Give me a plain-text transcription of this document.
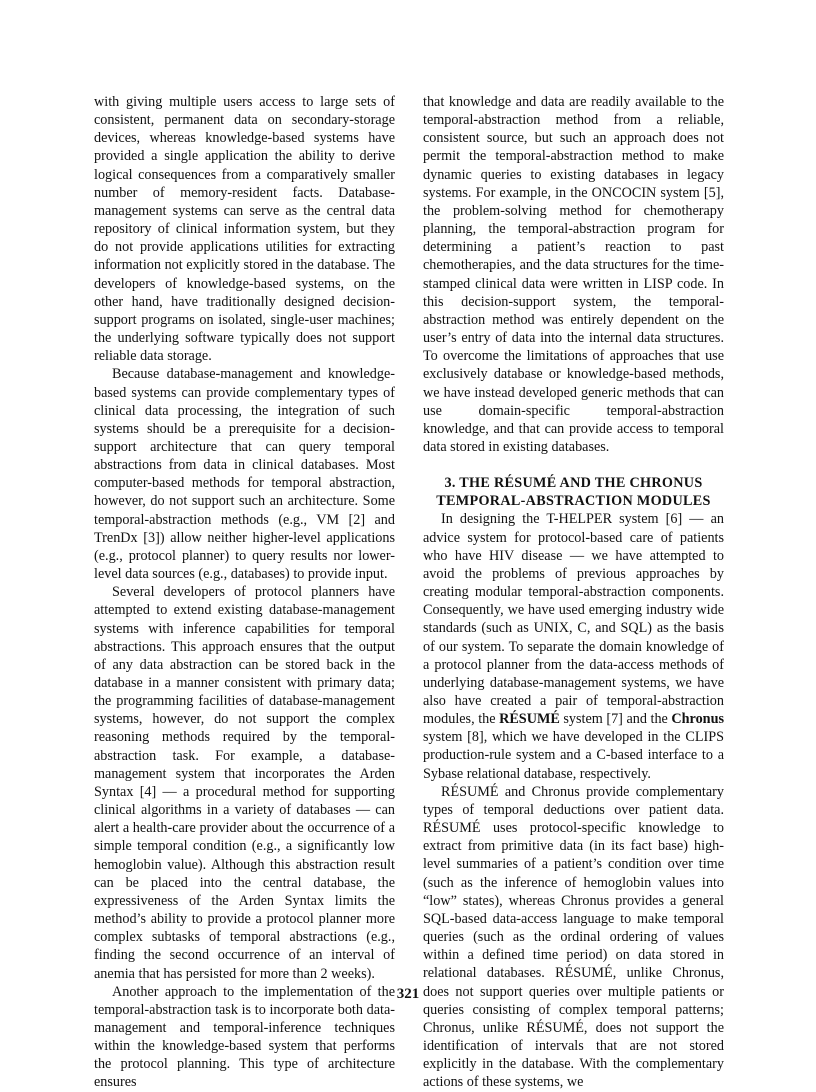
with giving multiple users access to large sets of consistent, permanent data on secondary-storage devices, whereas knowledge-based systems have provided a single application the ability to derive logical consequences from a comparatively smaller number of memory-resident facts. Database-management systems can serve as the central data repository of clinical information system, but they do not provide applications utilities for extracting information not explicitly stored in the database. The developers of knowledge-based systems, on the other hand, have traditionally designed decision-support programs on isolated, single-user machines; the underlying software typically does not support reliable data storage.

Because database-management and knowledge-based systems can provide complementary types of clinical data processing, the integration of such systems should be a prerequisite for a decision-support architecture that can query temporal abstractions from data in clinical databases. Most computer-based methods for temporal abstraction, however, do not support such an architecture. Some temporal-abstraction methods (e.g., VM [2] and TrenDx [3]) allow neither higher-level applications (e.g., protocol planner) to query results nor lower-level data sources (e.g., databases) to provide input.

Several developers of protocol planners have attempted to extend existing database-management systems with inference capabilities for temporal abstractions. This approach ensures that the output of any data abstraction can be stored back in the database in a manner consistent with primary data; the programming facilities of database-management systems, however, do not support the complex reasoning methods required by the temporal-abstraction task. For example, a database-management system that incorporates the Arden Syntax [4] — a procedural method for supporting clinical algorithms in a variety of databases — can alert a health-care provider about the occurrence of a simple temporal condition (e.g., a significantly low hemoglobin value). Although this abstraction result can be placed into the central database, the expressiveness of the Arden Syntax limits the method’s ability to provide a protocol planner more complex subtasks of temporal abstractions (e.g., finding the second occurrence of an interval of anemia that has persisted for more than 2 weeks).

Another approach to the implementation of the temporal-abstraction task is to incorporate both data-management and temporal-inference techniques within the knowledge-based system that performs the protocol planning. This type of architecture ensures

that knowledge and data are readily available to the temporal-abstraction method from a reliable, consistent source, but such an approach does not permit the temporal-abstraction method to make dynamic queries to existing databases in legacy systems. For example, in the ONCOCIN system [5], the problem-solving method for chemotherapy planning, the temporal-abstraction program for determining a patient’s reaction to past chemotherapies, and the data structures for the time-stamped clinical data were written in LISP code. In this decision-support system, the temporal-abstraction method was entirely dependent on the user’s entry of data into the internal data structures. To overcome the limitations of approaches that use exclusively database or knowledge-based methods, we have instead developed generic methods that can use domain-specific temporal-abstraction knowledge, and that can provide access to temporal data stored in existing databases.

3. THE RÉSUMÉ AND THE CHRONUS
TEMPORAL-ABSTRACTION MODULES

In designing the T-HELPER system [6] — an advice system for protocol-based care of patients who have HIV disease — we have attempted to avoid the problems of previous approaches by creating modular temporal-abstraction components. Consequently, we have used emerging industry wide standards (such as UNIX, C, and SQL) as the basis of our system. To separate the domain knowledge of a protocol planner from the data-access methods of underlying database-management systems, we have also have created a pair of temporal-abstraction modules, the RÉSUMÉ system [7] and the Chronus system [8], which we have developed in the CLIPS production-rule system and a C-based interface to a Sybase relational database, respectively.

RÉSUMÉ and Chronus provide complementary types of temporal deductions over patient data. RÉSUMÉ uses protocol-specific knowledge to extract from primitive data (in its fact base) high-level summaries of a patient’s condition over time (such as the inference of hemoglobin values into “low” states), whereas Chronus provides a general SQL-based data-access language to make temporal queries (such as the ordinal ordering of values within a defined time period) on data stored in relational databases. RÉSUMÉ, unlike Chronus, does not support queries over multiple patients or queries consisting of complex temporal patterns; Chronus, unlike RÉSUMÉ, does not support the identification of intervals that are not stored explicitly in the database. With the complementary actions of these systems, we

321
